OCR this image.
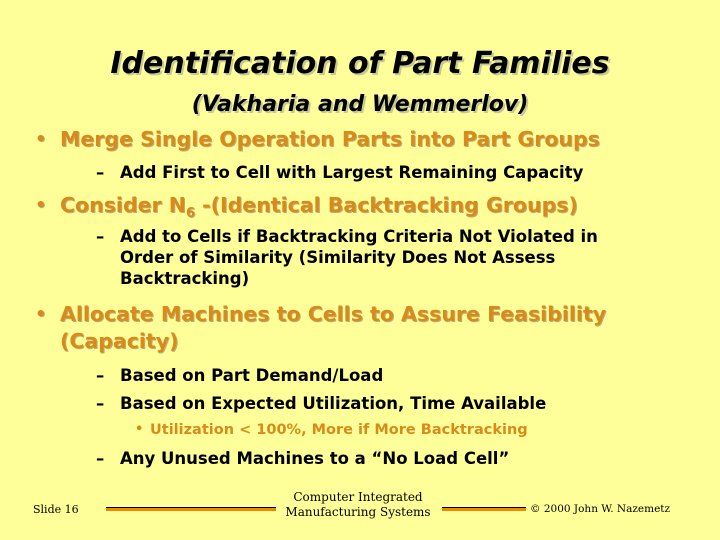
Identification of Part Families
(Vakharia and Wemmerlov)
• Merge Single Operation Parts into Part Groups
– Add First to Cell with Largest Remaining Capacity
• Consider $N_6$ -(Identical Backtracking Groups)
– Add to Cells if Backtracking Criteria Not Violated in
Order of Similarity (Similarity Does Not Assess
Backtracking)
• Allocate Machines to Cells to Assure Feasibility
(Capacity)
– Based on Part Demand/Load
– Based on Expected Utilization, Time Available
• Utilization < 100%, More if More Backtracking
– Any Unused Machines to a “No Load Cell”
Slide 16
Computer Integrated
Manufacturing Systems	© 2000 John W. Nazemetz
